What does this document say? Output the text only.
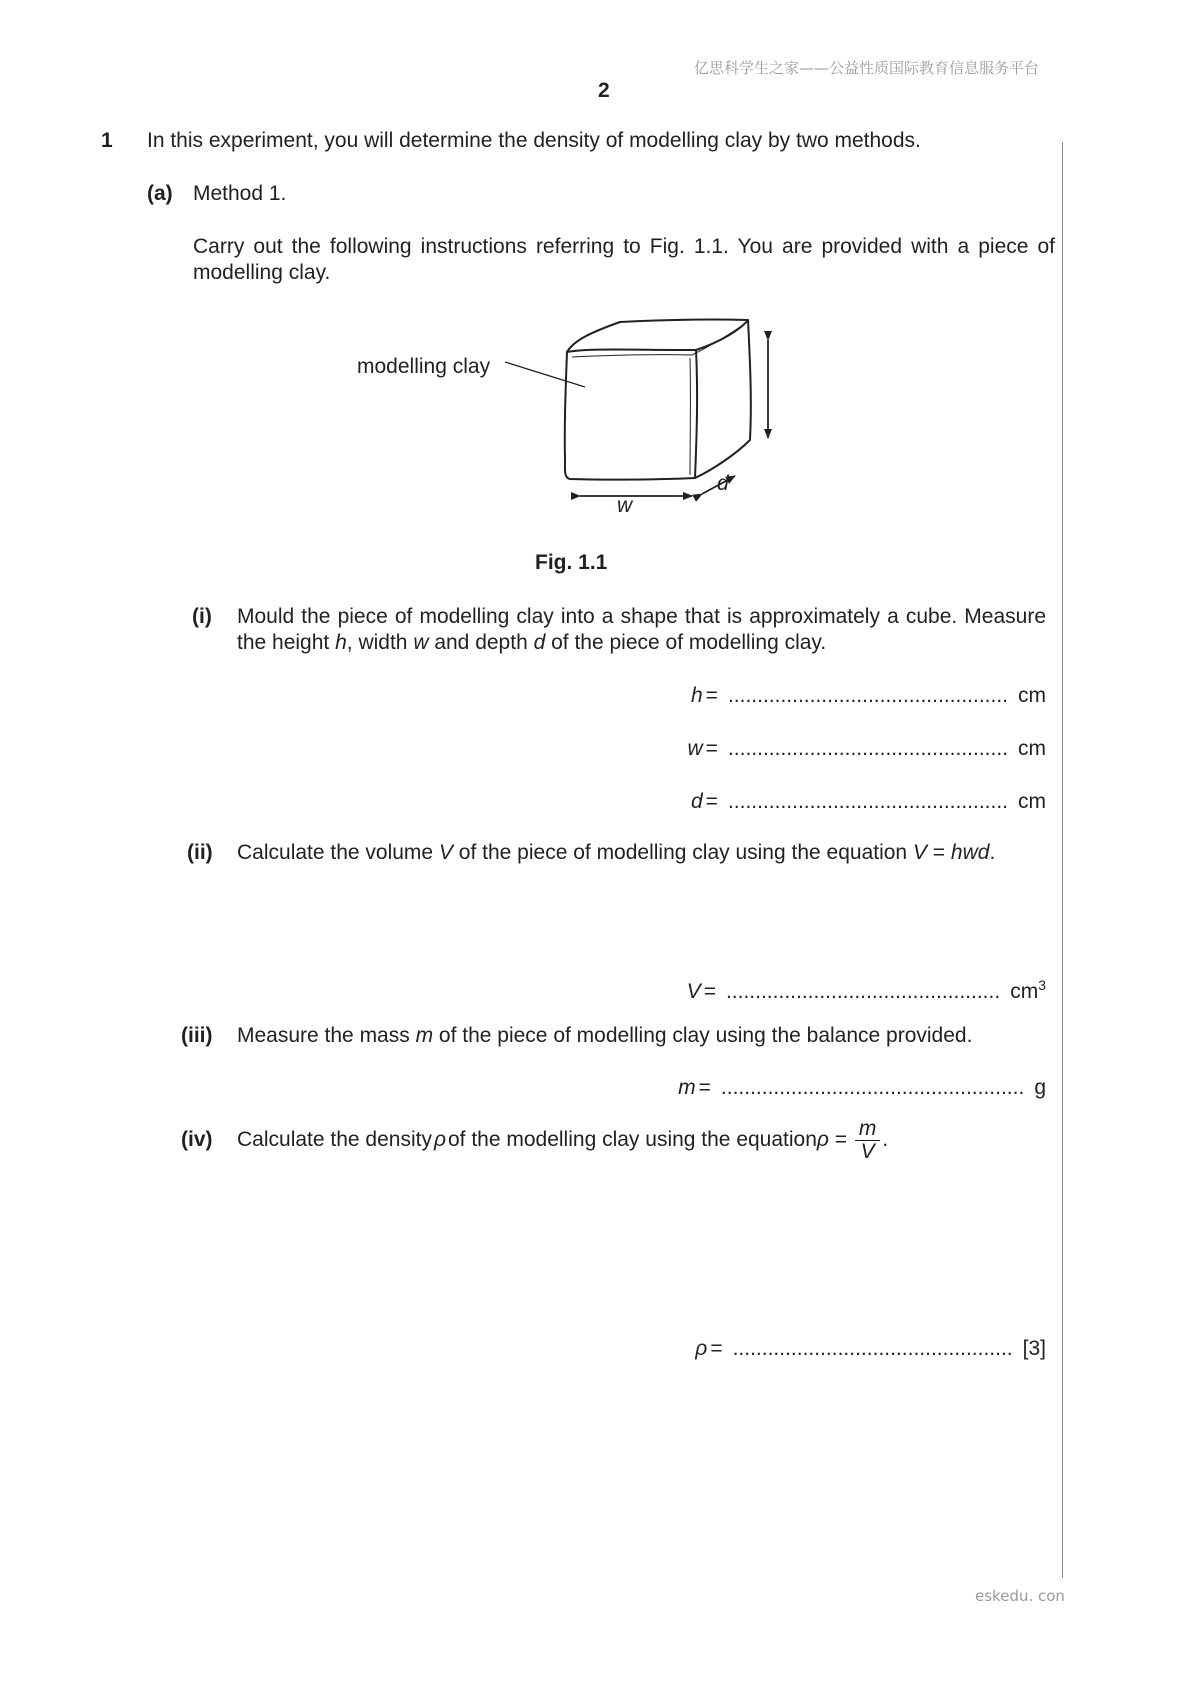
亿思科学生之家——公益性质国际教育信息服务平台
2
1 In this experiment, you will determine the density of modelling clay by two methods.
(a) Method 1.
Carry out the following instructions referring to Fig. 1.1. You are provided with a piece of modelling clay.
modelling clay
w
d
Fig. 1.1
(i) Mould the piece of modelling clay into a shape that is approximately a cube. Measure the height h, width w and depth d of the piece of modelling clay.
h = ................................................ cm
w = ................................................ cm
d = ................................................ cm
(ii) Calculate the volume V of the piece of modelling clay using the equation V = hwd.
V = ............................................... $cm^3$
(iii) Measure the mass m of the piece of modelling clay using the balance provided.
m = .................................................... g
(iv) Calculate the density ρ of the modelling clay using the equation $\rho = \frac{m}{V}$ .
ρ = ................................................ [3]
eskedu. con
